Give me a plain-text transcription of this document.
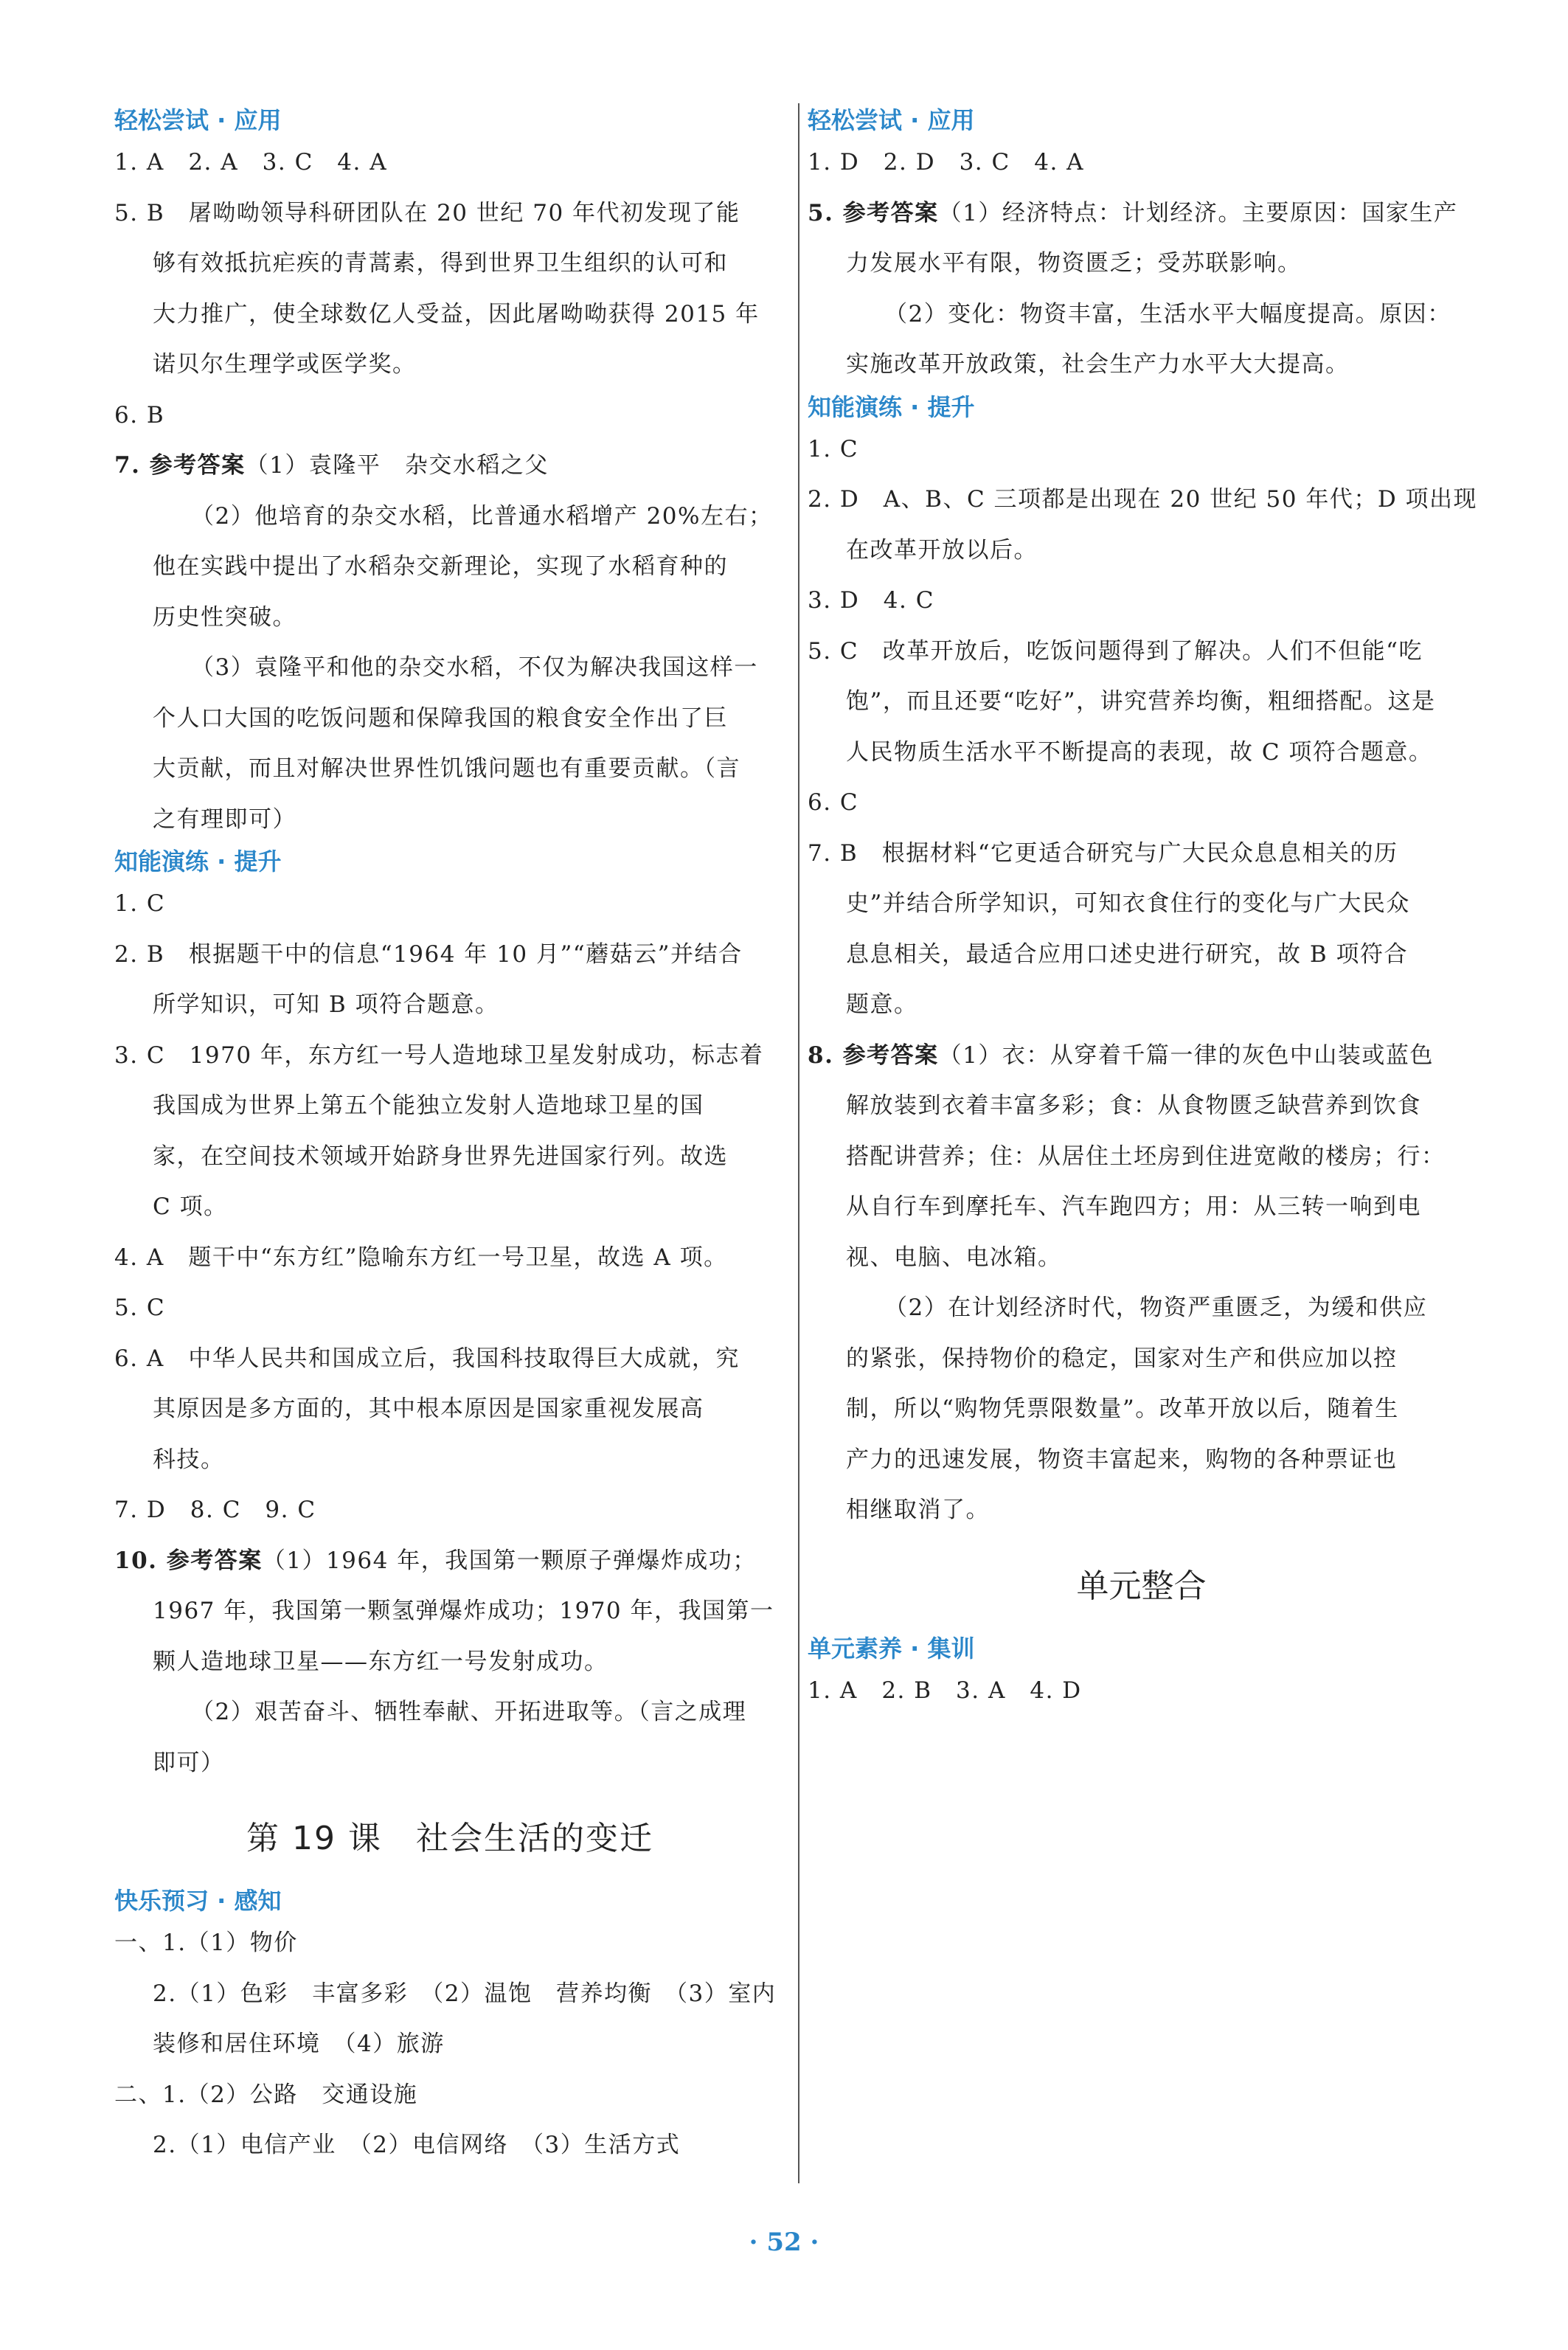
轻松尝试 · 应用

1. A　2. A　3. C　4. A

5. B　屠呦呦领导科研团队在 20 世纪 70 年代初发现了能

够有效抵抗疟疾的青蒿素，得到世界卫生组织的认可和

大力推广，使全球数亿人受益，因此屠呦呦获得 2015 年

诺贝尔生理学或医学奖。

6. B

7. 参考答案（1）袁隆平　杂交水稻之父

（2）他培育的杂交水稻，比普通水稻增产 20%左右；

他在实践中提出了水稻杂交新理论，实现了水稻育种的

历史性突破。

（3）袁隆平和他的杂交水稻，不仅为解决我国这样一

个人口大国的吃饭问题和保障我国的粮食安全作出了巨

大贡献，而且对解决世界性饥饿问题也有重要贡献。（言

之有理即可）

知能演练 · 提升

1. C

2. B　根据题干中的信息“1964 年 10 月”“蘑菇云”并结合

所学知识，可知 B 项符合题意。

3. C　1970 年，东方红一号人造地球卫星发射成功，标志着

我国成为世界上第五个能独立发射人造地球卫星的国

家，在空间技术领域开始跻身世界先进国家行列。故选

C 项。

4. A　题干中“东方红”隐喻东方红一号卫星，故选 A 项。

5. C

6. A　中华人民共和国成立后，我国科技取得巨大成就，究

其原因是多方面的，其中根本原因是国家重视发展高

科技。

7. D　8. C　9. C

10. 参考答案（1）1964 年，我国第一颗原子弹爆炸成功；

1967 年，我国第一颗氢弹爆炸成功；1970 年，我国第一

颗人造地球卫星——东方红一号发射成功。

（2）艰苦奋斗、牺牲奉献、开拓进取等。（言之成理

即可）

第 19 课　社会生活的变迁

快乐预习 · 感知

一、1.（1）物价

2.（1）色彩　丰富多彩　（2）温饱　营养均衡　（3）室内

装修和居住环境　（4）旅游

二、1.（2）公路　交通设施

2.（1）电信产业　（2）电信网络　（3）生活方式

轻松尝试 · 应用

1. D　2. D　3. C　4. A

5. 参考答案（1）经济特点：计划经济。主要原因：国家生产

力发展水平有限，物资匮乏；受苏联影响。

（2）变化：物资丰富，生活水平大幅度提高。原因：

实施改革开放政策，社会生产力水平大大提高。

知能演练 · 提升

1. C

2. D　A、B、C 三项都是出现在 20 世纪 50 年代；D 项出现

在改革开放以后。

3. D　4. C

5. C　改革开放后，吃饭问题得到了解决。人们不但能“吃

饱”，而且还要“吃好”，讲究营养均衡，粗细搭配。这是

人民物质生活水平不断提高的表现，故 C 项符合题意。

6. C

7. B　根据材料“它更适合研究与广大民众息息相关的历

史”并结合所学知识，可知衣食住行的变化与广大民众

息息相关，最适合应用口述史进行研究，故 B 项符合

题意。

8. 参考答案（1）衣：从穿着千篇一律的灰色中山装或蓝色

解放装到衣着丰富多彩；食：从食物匮乏缺营养到饮食

搭配讲营养；住：从居住土坯房到住进宽敞的楼房；行：

从自行车到摩托车、汽车跑四方；用：从三转一响到电

视、电脑、电冰箱。

（2）在计划经济时代，物资严重匮乏，为缓和供应

的紧张，保持物价的稳定，国家对生产和供应加以控

制，所以“购物凭票限数量”。改革开放以后，随着生

产力的迅速发展，物资丰富起来，购物的各种票证也

相继取消了。

单元整合

单元素养 · 集训

1. A　2. B　3. A　4. D

· 52 ·
